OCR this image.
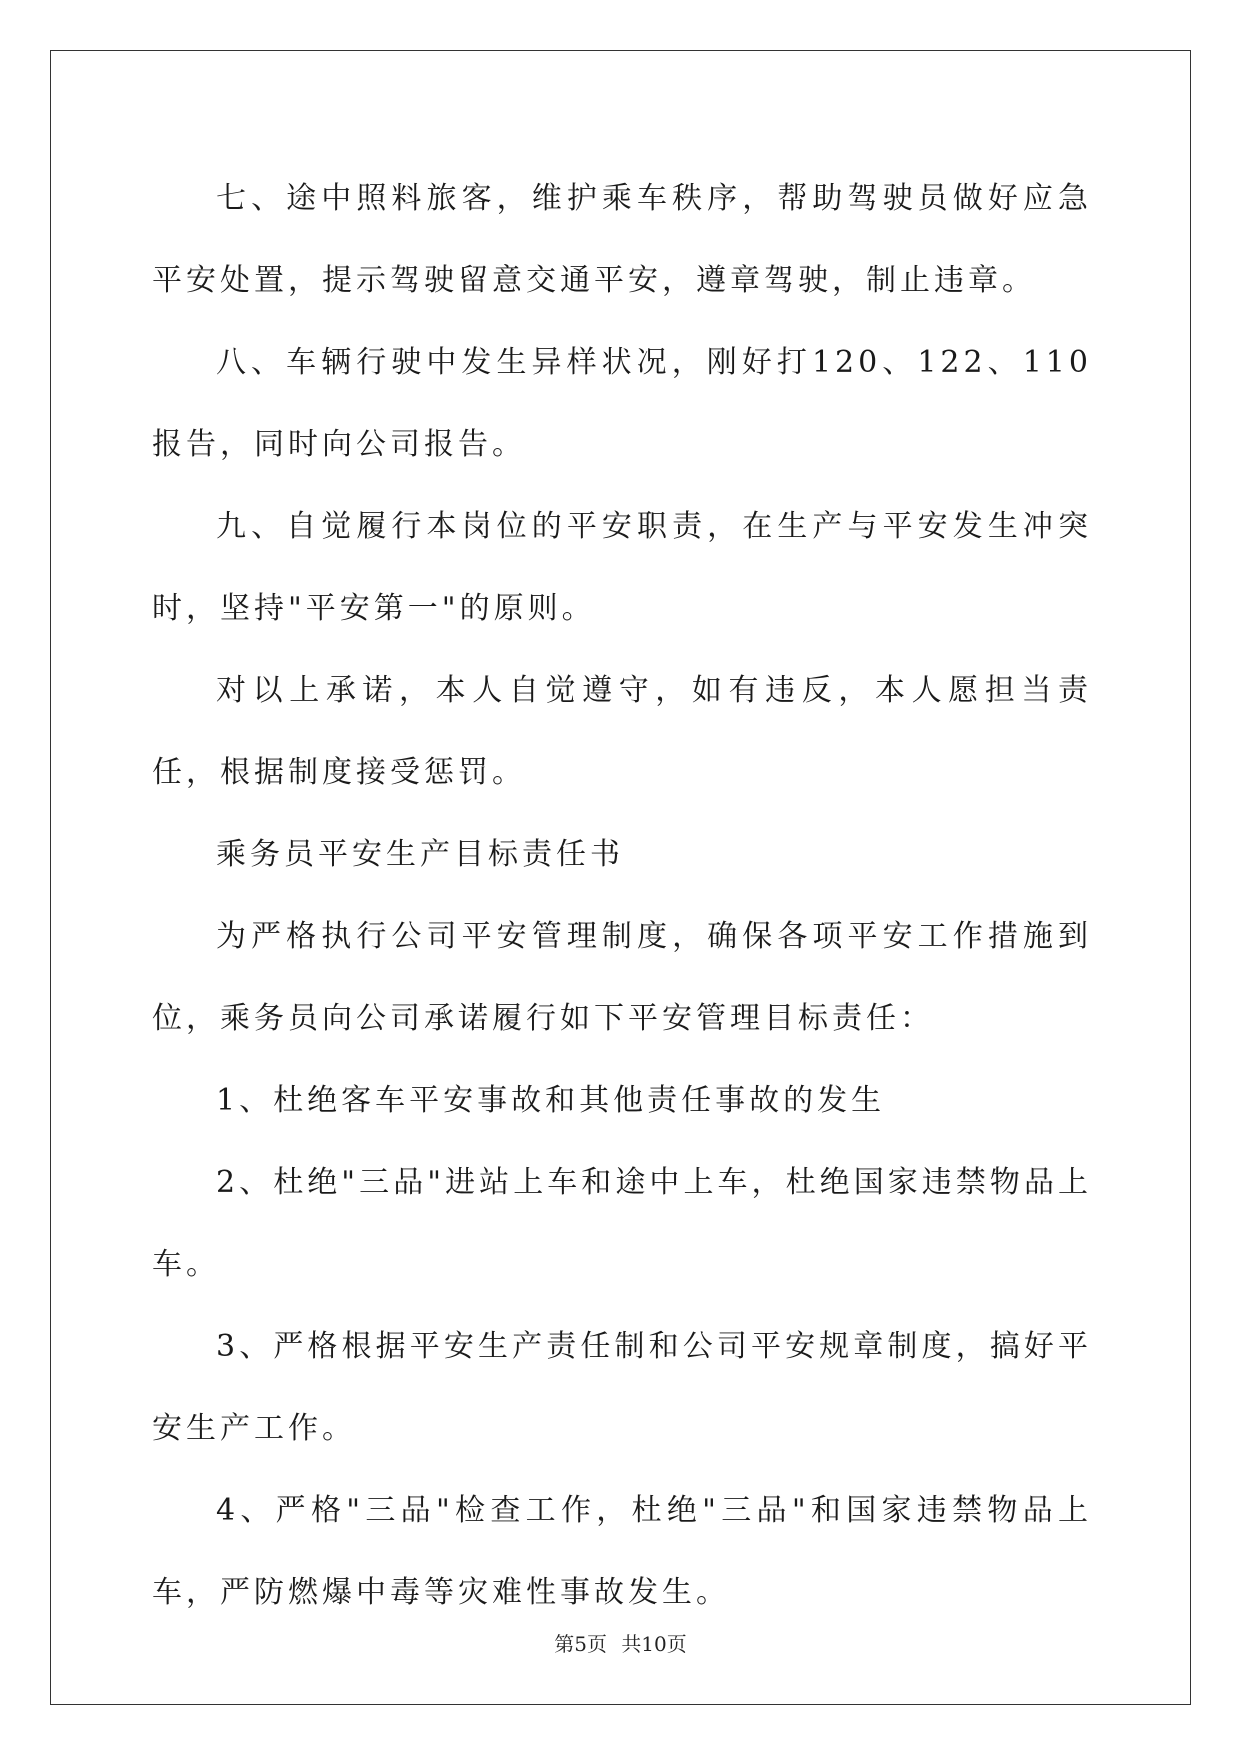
七、途中照料旅客，维护乘车秩序，帮助驾驶员做好应急平安处置，提示驾驶留意交通平安，遵章驾驶，制止违章。

八、车辆行驶中发生异样状况，刚好打120、122、110报告，同时向公司报告。

九、自觉履行本岗位的平安职责，在生产与平安发生冲突时，坚持"平安第一"的原则。

对以上承诺，本人自觉遵守，如有违反，本人愿担当责任，根据制度接受惩罚。

乘务员平安生产目标责任书

为严格执行公司平安管理制度，确保各项平安工作措施到位，乘务员向公司承诺履行如下平安管理目标责任：

1、杜绝客车平安事故和其他责任事故的发生

2、杜绝"三品"进站上车和途中上车，杜绝国家违禁物品上车。

3、严格根据平安生产责任制和公司平安规章制度，搞好平安生产工作。

4、严格"三品"检查工作，杜绝"三品"和国家违禁物品上车，严防燃爆中毒等灾难性事故发生。

第5页 共10页
